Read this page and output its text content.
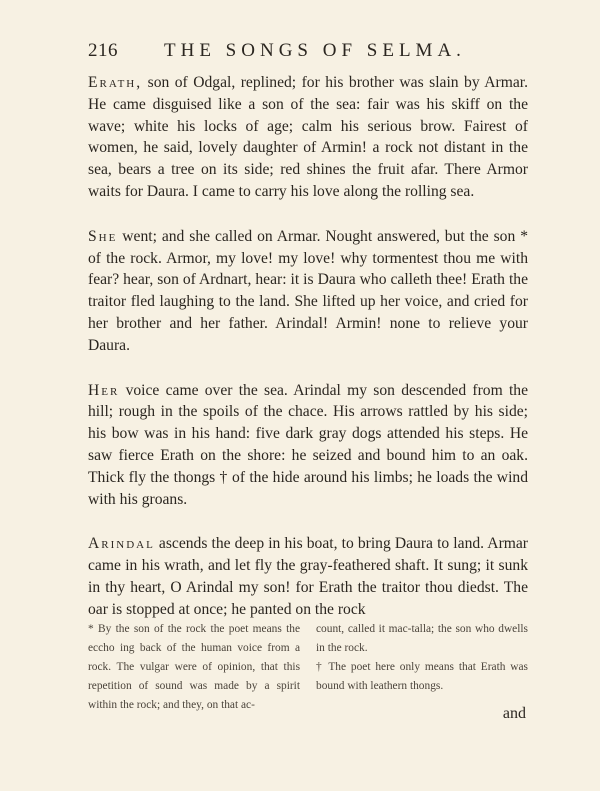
216 THE SONGS OF SELMA.

Erath, son of Odgal, replined; for his brother was slain by Armar. He came disguised like a son of the sea: fair was his skiff on the wave; white his locks of age; calm his serious brow. Fairest of women, he said, lovely daughter of Armin! a rock not distant in the sea, bears a tree on its side; red shines the fruit afar. There Armor waits for Daura. I came to carry his love along the rolling sea.

She went; and she called on Armar. Nought answered, but the son * of the rock. Armor, my love! my love! why tormentest thou me with fear? hear, son of Ardnart, hear: it is Daura who calleth thee! Erath the traitor fled laughing to the land. She lifted up her voice, and cried for her brother and her father. Arindal! Armin! none to relieve your Daura.

Her voice came over the sea. Arindal my son descended from the hill; rough in the spoils of the chace. His arrows rattled by his side; his bow was in his hand: five dark gray dogs attended his steps. He saw fierce Erath on the shore: he seized and bound him to an oak. Thick fly the thongs † of the hide around his limbs; he loads the wind with his groans.

Arindal ascends the deep in his boat, to bring Daura to land. Armar came in his wrath, and let fly the gray-feathered shaft. It sung; it sunk in thy heart, O Arindal my son! for Erath the traitor thou diedst. The oar is stopped at once; he panted on the rock

* By the son of the rock the poet means the eccho ing back of the human voice from a rock. The vulgar were of opinion, that this repetition of sound was made by a spirit within the rock; and they, on that ac-

count, called it mac-talla; the son who dwells in the rock.

† The poet here only means that Erath was bound with leathern thongs.

and
